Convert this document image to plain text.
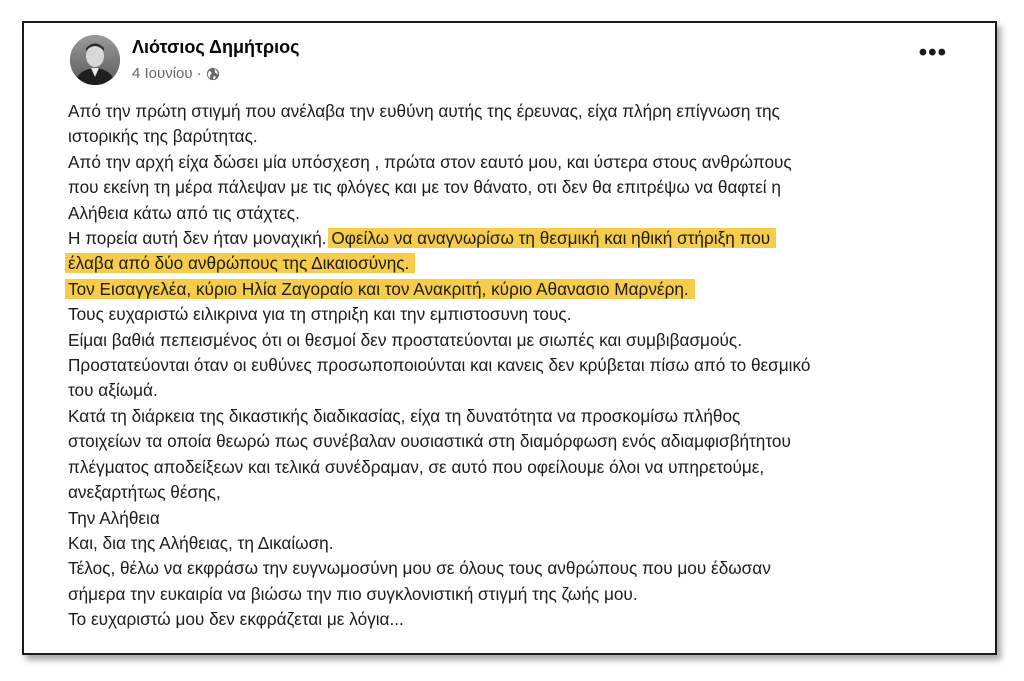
Λιότσιος Δημήτριος
4 Ιουνίου ·
•••

Από την πρώτη στιγμή που ανέλαβα την ευθύνη αυτής της έρευνας, είχα πλήρη επίγνωση της

ιστορικής της βαρύτητας.

Από την αρχή είχα δώσει μία υπόσχεση , πρώτα στον εαυτό μου, και ύστερα στους ανθρώπους

που εκείνη τη μέρα πάλεψαν με τις φλόγες και με τον θάνατο, οτι δεν θα επιτρέψω να θαφτεί η

Αλήθεια κάτω από τις στάχτες.

Η πορεία αυτή δεν ήταν μοναχική. Οφείλω να αναγνωρίσω τη θεσμική και ηθική στήριξη που

έλαβα από δύο ανθρώπους της Δικαιοσύνης.

Τον Εισαγγελέα, κύριο Ηλία Ζαγοραίο και τον Ανακριτή, κύριο Αθανασιο Μαρνέρη.

Τους ευχαριστώ ειλικρινα για τη στηριξη και την εμπιστοσυνη τους.

Είμαι βαθιά πεπεισμένος ότι οι θεσμοί δεν προστατεύονται με σιωπές και συμβιβασμούς.

Προστατεύονται όταν οι ευθύνες προσωποποιούνται και κανεις δεν κρύβεται πίσω από το θεσμικό

του αξίωμά.

Κατά τη διάρκεια της δικαστικής διαδικασίας, είχα τη δυνατότητα να προσκομίσω πλήθος

στοιχείων τα οποία θεωρώ πως συνέβαλαν ουσιαστικά στη διαμόρφωση ενός αδιαμφισβήτητου

πλέγματος αποδείξεων και τελικά συνέδραμαν, σε αυτό που οφείλουμε όλοι να υπηρετούμε,

ανεξαρτήτως θέσης,

Την Αλήθεια

Και, δια της Αλήθειας, τη Δικαίωση.

Τέλος, θέλω να εκφράσω την ευγνωμοσύνη μου σε όλους τους ανθρώπους που μου έδωσαν

σήμερα την ευκαιρία να βιώσω την πιο συγκλονιστική στιγμή της ζωής μου.

Το ευχαριστώ μου δεν εκφράζεται με λόγια...
